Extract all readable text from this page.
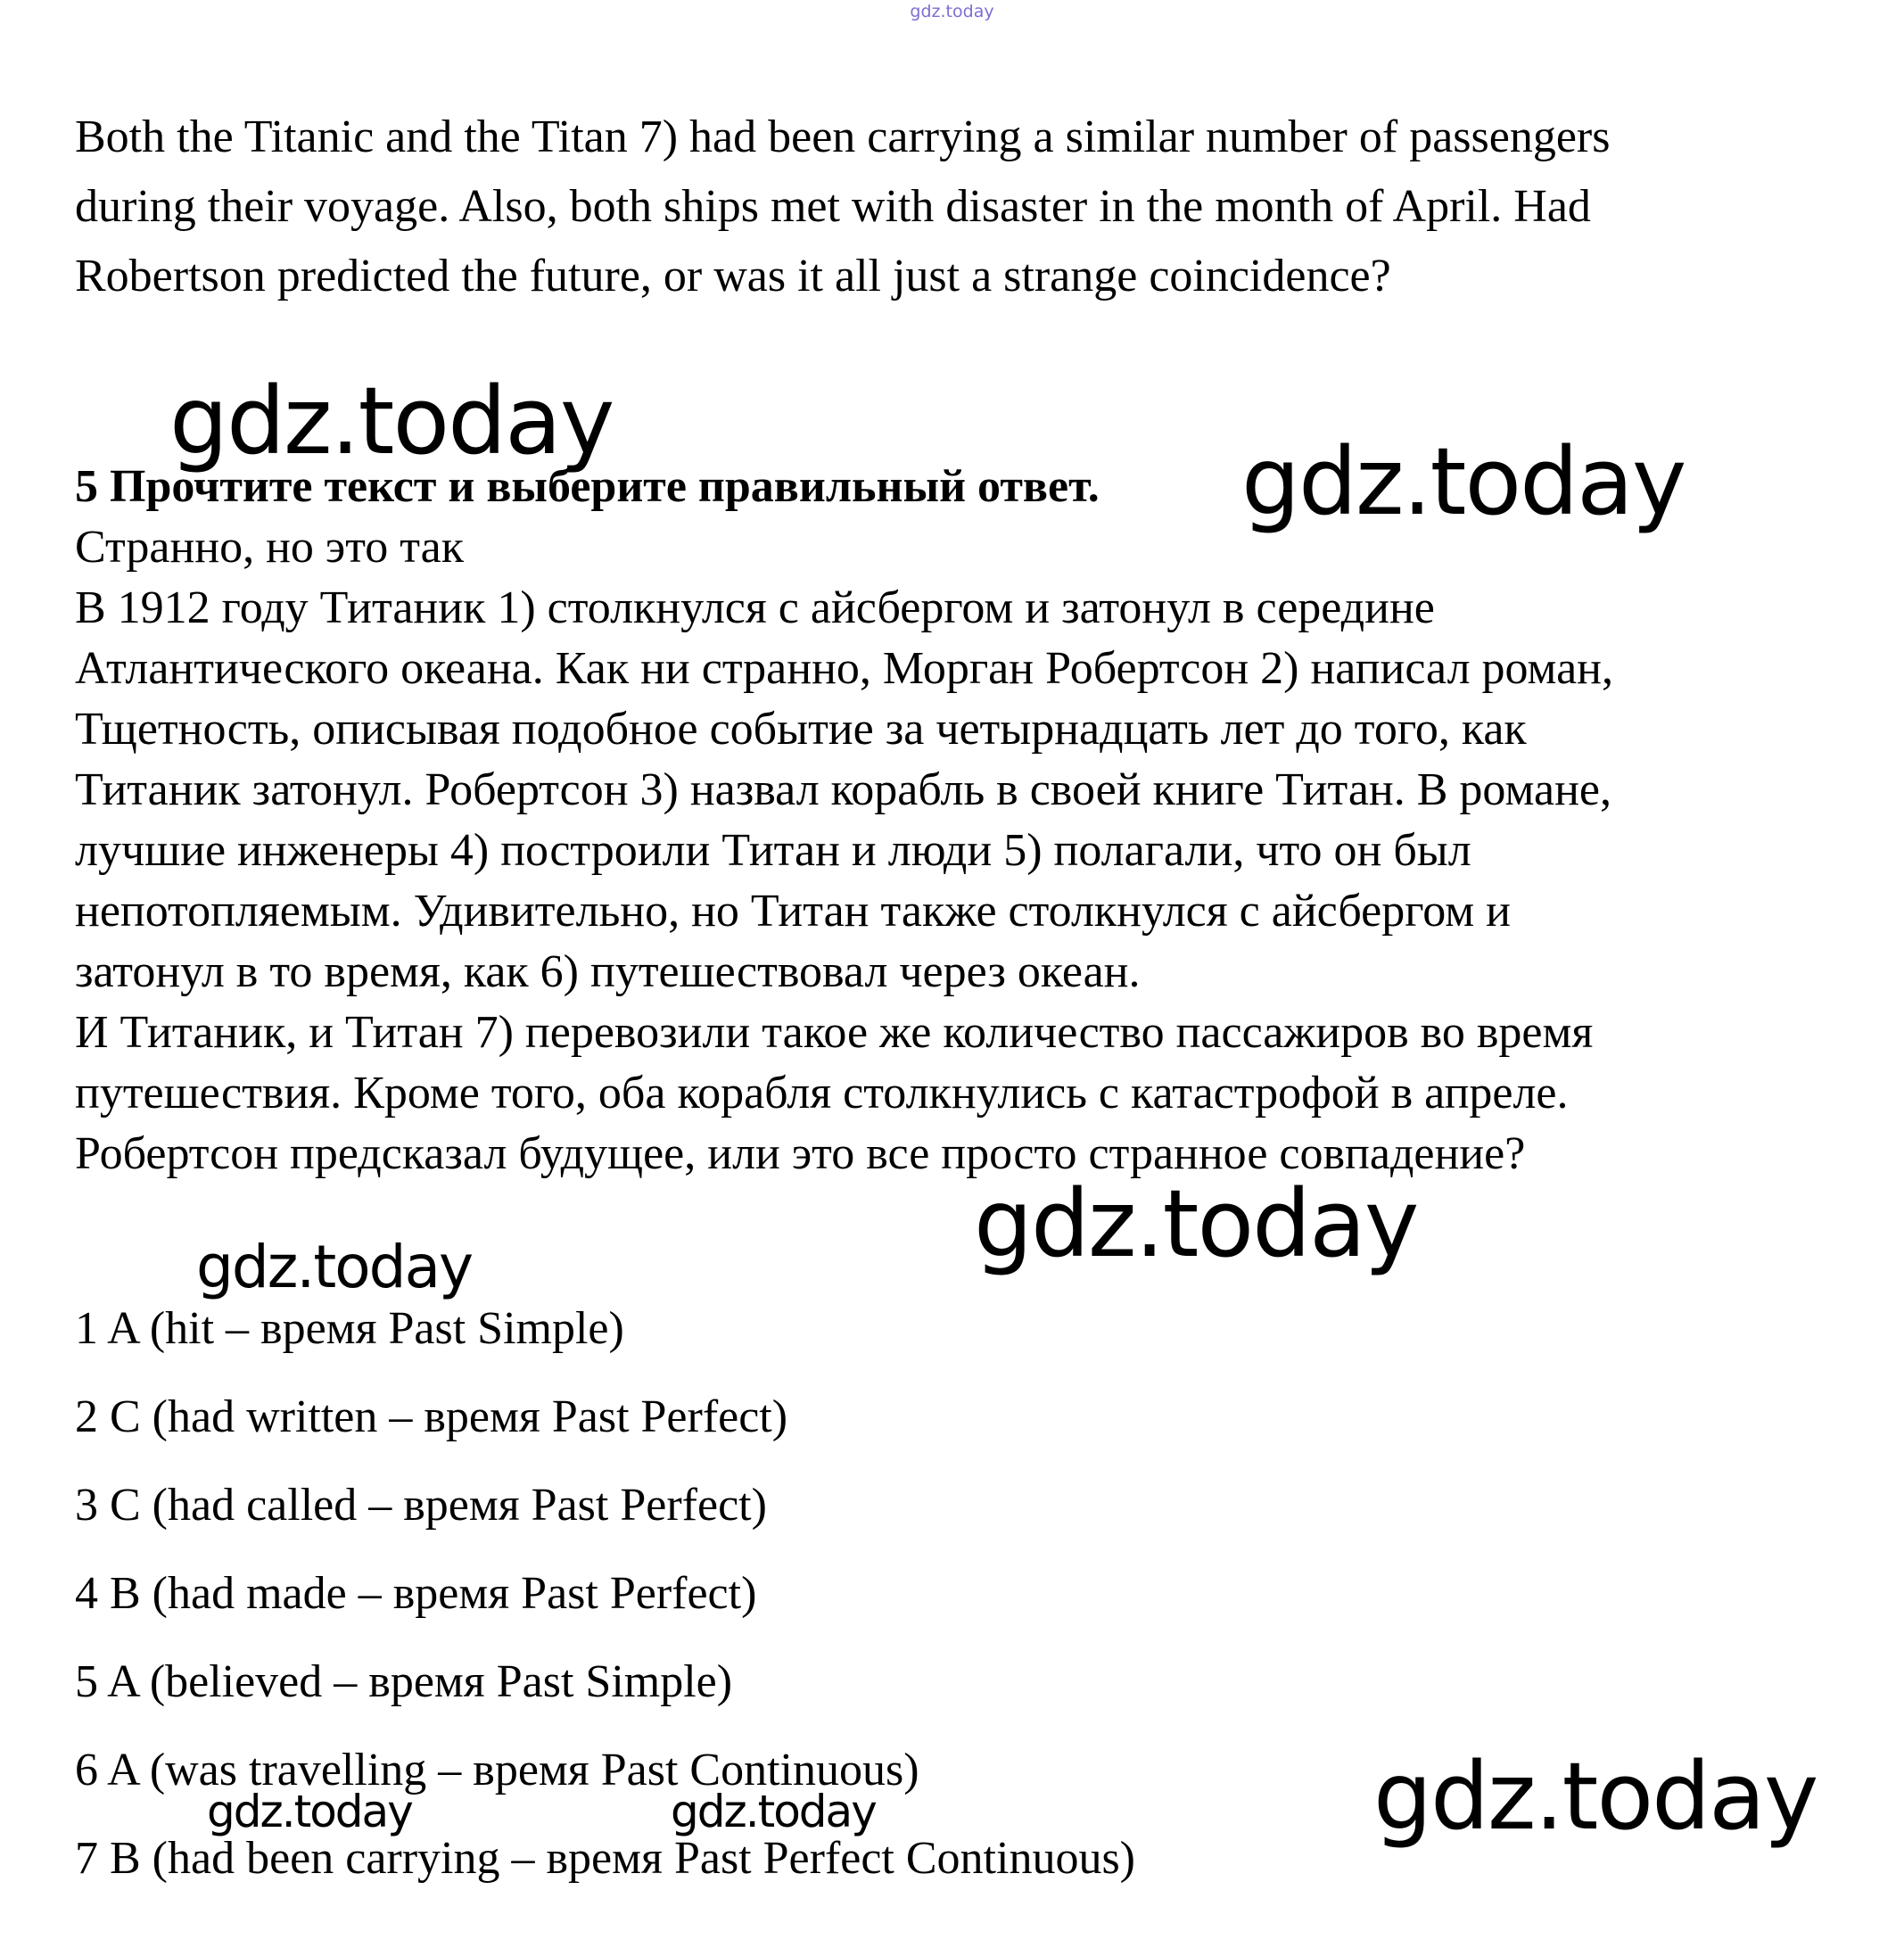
gdz.today

Both the Titanic and the Titan 7) had been carrying a similar number of passengers
during their voyage. Also, both ships met with disaster in the month of April. Had
Robertson predicted the future, or was it all just a strange coincidence?

gdz.today

5 Прочтите текст и выберите правильный ответ. gdz.today

Странно, но это так

В 1912 году Титаник 1) столкнулся с айсбергом и затонул в середине
Атлантического океана. Как ни странно, Морган Робертсон 2) написал роман,
Тщетность, описывая подобное событие за четырнадцать лет до того, как
Титаник затонул. Робертсон 3) назвал корабль в своей книге Титан. В романе,
лучшие инженеры 4) построили Титан и люди 5) полагали, что он был
непотопляемым. Удивительно, но Титан также столкнулся с айсбергом и
затонул в то время, как 6) путешествовал через океан.
И Титаник, и Титан 7) перевозили такое же количество пассажиров во время
путешествия. Кроме того, оба корабля столкнулись с катастрофой в апреле.
Робертсон предсказал будущее, или это все просто странное совпадение?

gdz.today
gdz.today
1 A (hit – время Past Simple)
2 C (had written – время Past Perfect)
3 C (had called – время Past Perfect)
4 B (had made – время Past Perfect)
5 A (believed – время Past Simple)
6 A (was travelling – время Past Continuous)
7 B (had been carrying – время Past Perfect Continuous)
gdz.today	gdz.today	gdz.today
